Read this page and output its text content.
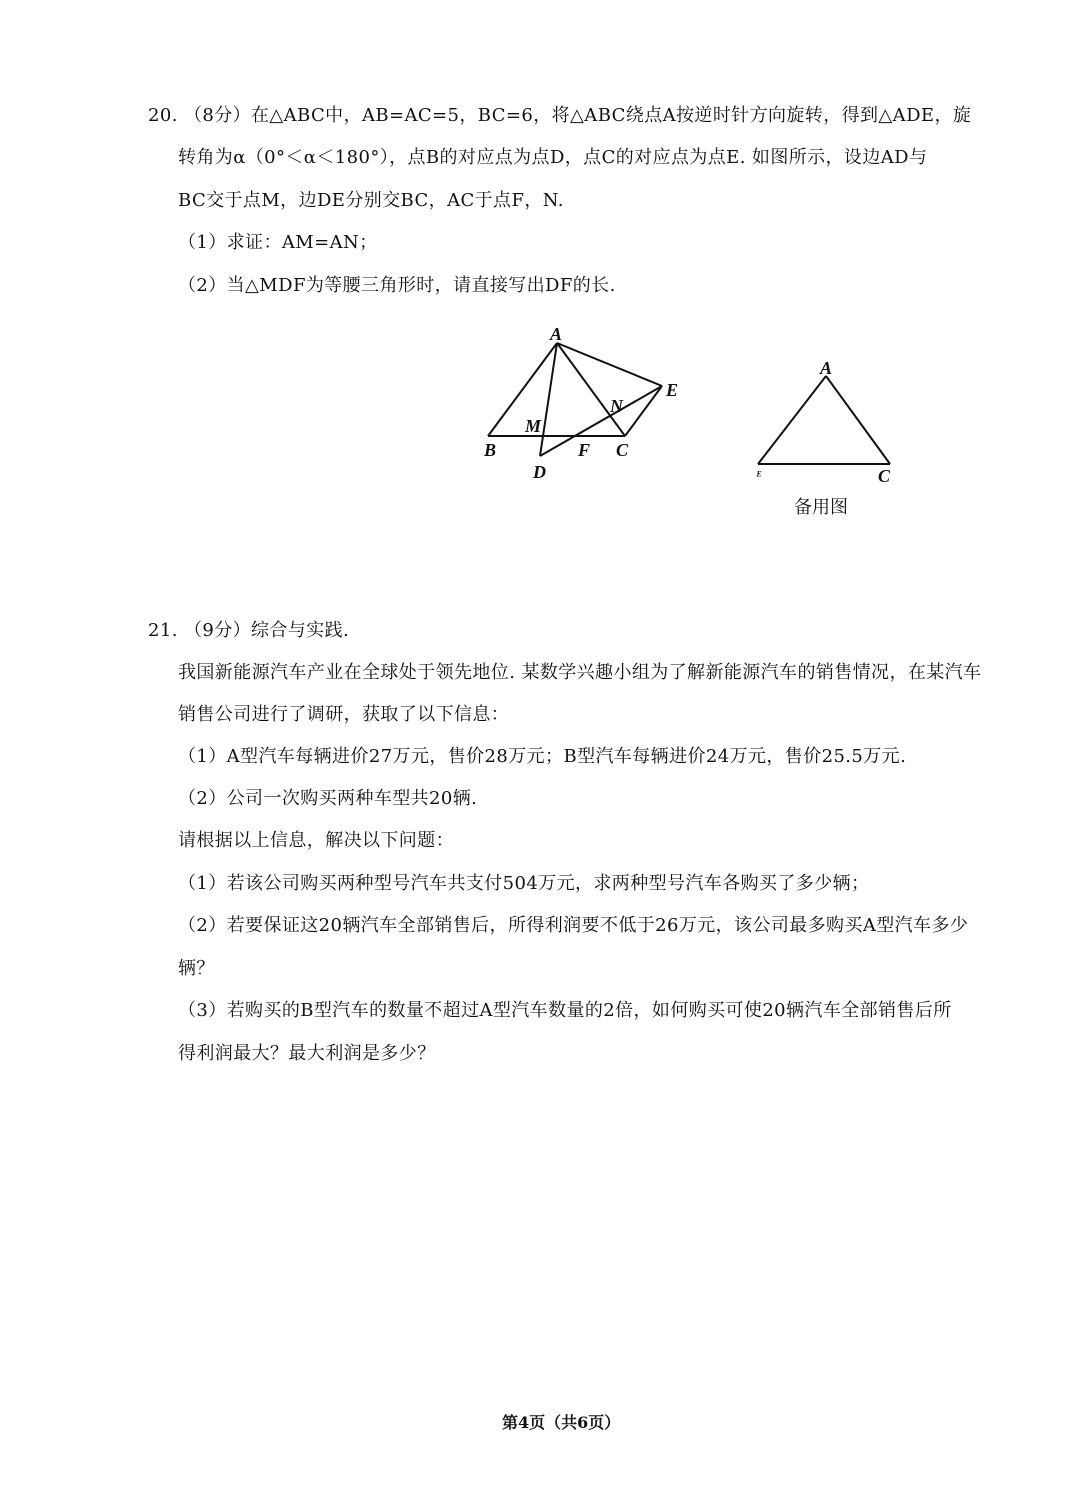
20. （8分）在△ABC中，AB=AC=5，BC=6，将△ABC绕点A按逆时针方向旋转，得到△ADE，旋
转角为α（0°＜α＜180°），点B的对应点为点D，点C的对应点为点E. 如图所示，设边AD与
BC交于点M，边DE分别交BC，AC于点F，N.
（1）求证：AM=AN；
（2）当△MDF为等腰三角形时，请直接写出DF的长.
A
B	C
D
E
M
N
F
A
ᴱ	C
备用图
21. （9分）综合与实践.
我国新能源汽车产业在全球处于领先地位. 某数学兴趣小组为了解新能源汽车的销售情况，在某汽车
销售公司进行了调研，获取了以下信息：
（1）A型汽车每辆进价27万元，售价28万元；B型汽车每辆进价24万元，售价25.5万元.
（2）公司一次购买两种车型共20辆.
请根据以上信息，解决以下问题：
（1）若该公司购买两种型号汽车共支付504万元，求两种型号汽车各购买了多少辆；
（2）若要保证这20辆汽车全部销售后，所得利润要不低于26万元，该公司最多购买A型汽车多少
辆？
（3）若购买的B型汽车的数量不超过A型汽车数量的2倍，如何购买可使20辆汽车全部销售后所
得利润最大？最大利润是多少？
第4页（共6页）
